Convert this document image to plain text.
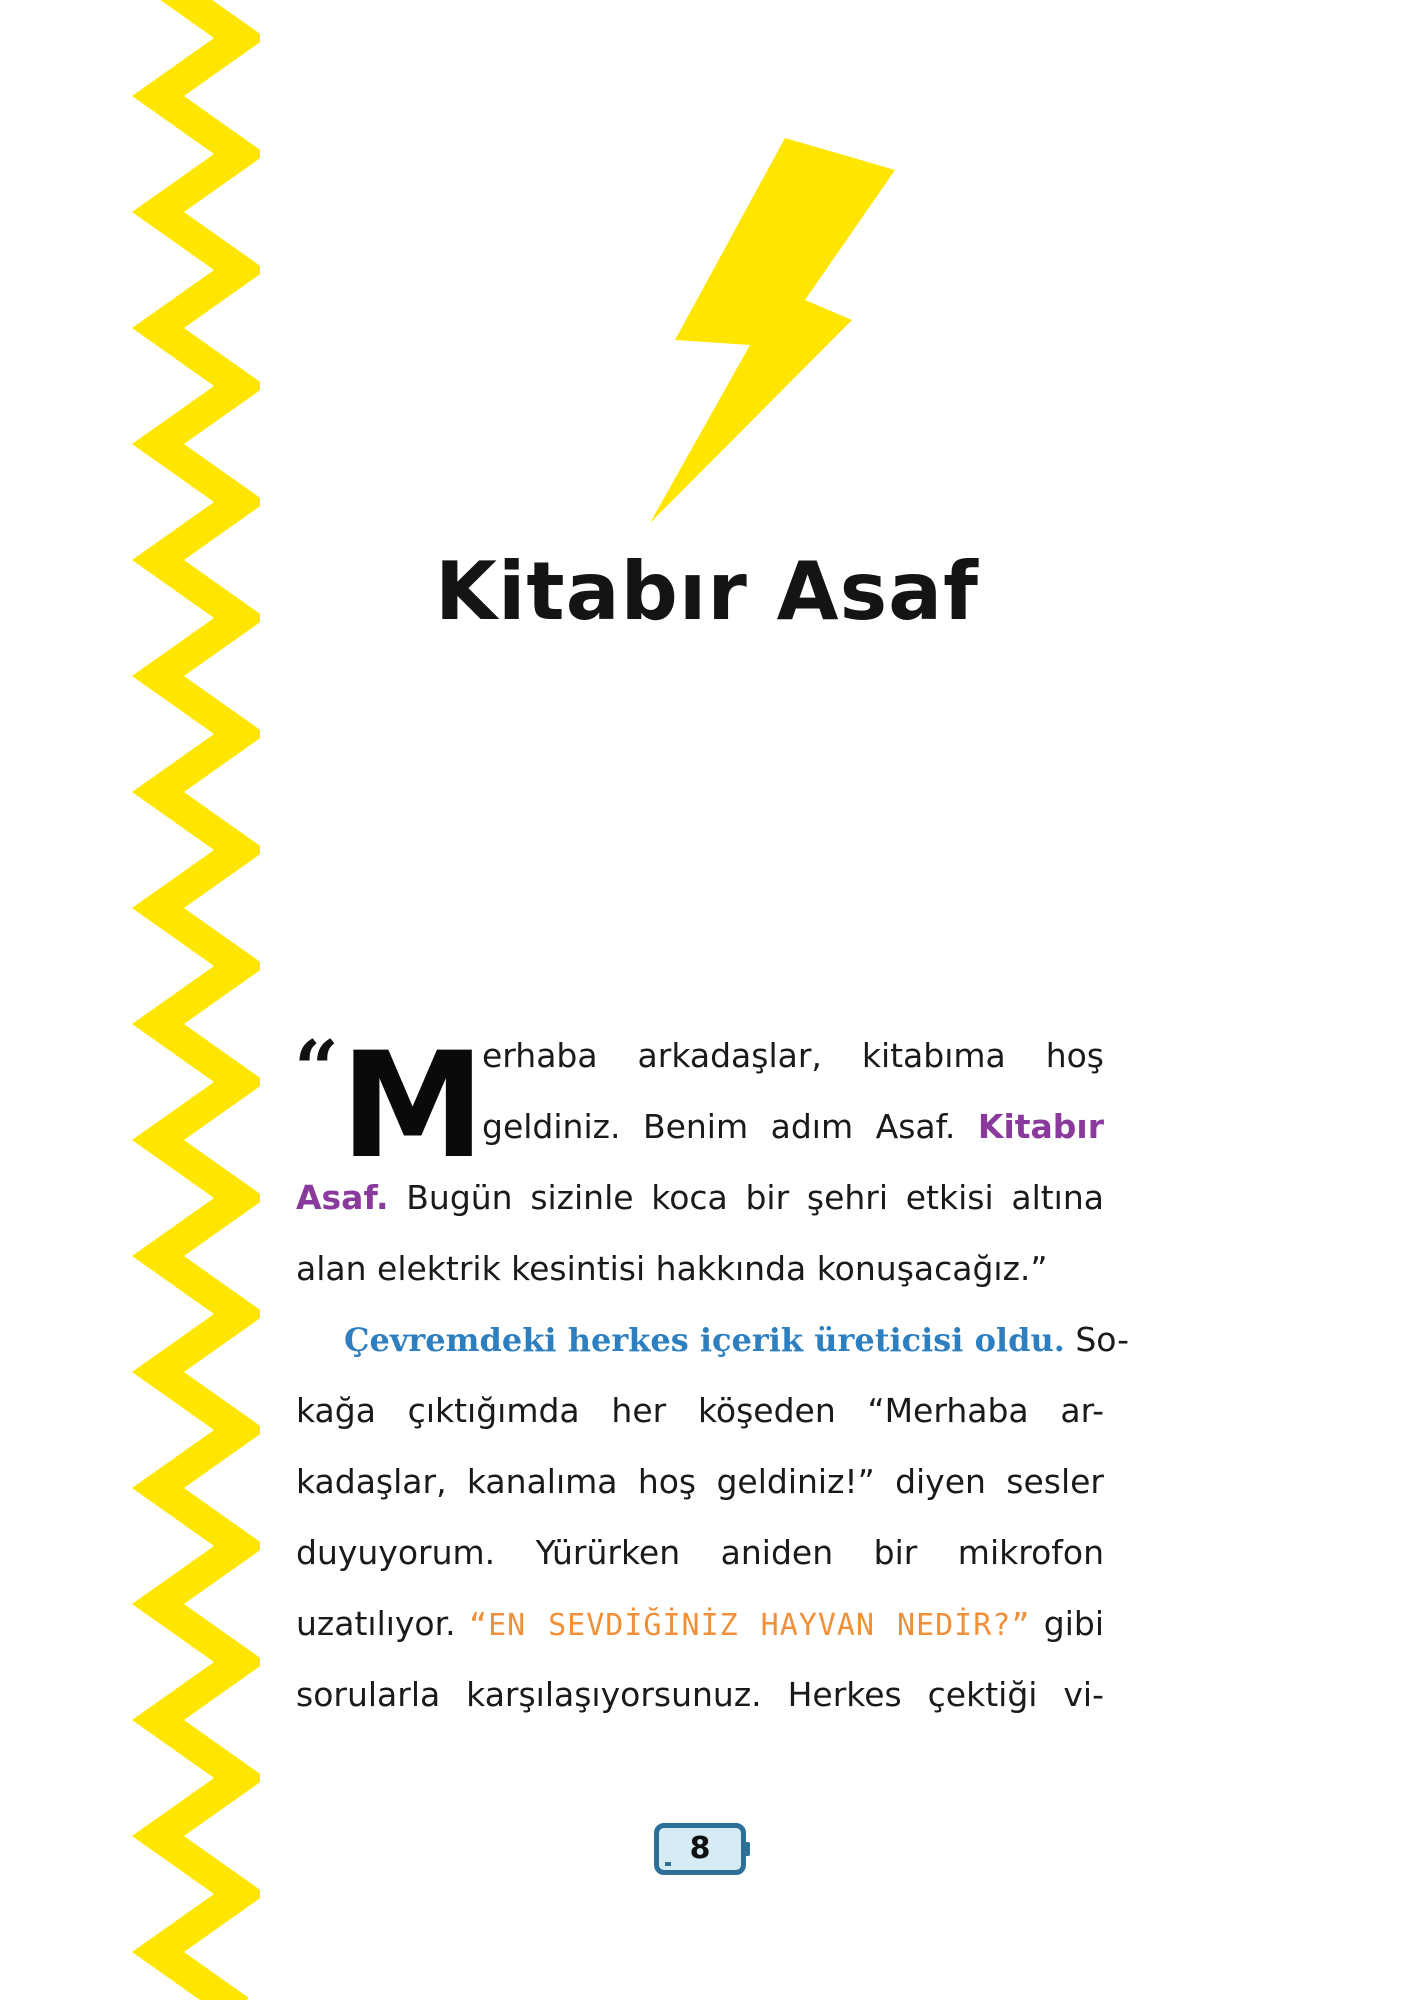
Kitabır Asaf
“ M
erhaba arkadaşlar, kitabıma hoş
geldiniz. Benim adım Asaf. Kitabır
Asaf. Bugün sizinle koca bir şehri etkisi altına
alan elektrik kesintisi hakkında konuşacağız.”
Çevremdeki herkes içerik üreticisi oldu. So-
kağa çıktığımda her köşeden “Merhaba ar-
kadaşlar, kanalıma hoş geldiniz!” diyen sesler
duyuyorum. Yürürken aniden bir mikrofon
uzatılıyor. “EN SEVDİĞİNİZ HAYVAN NEDİR?” gibi
sorularla karşılaşıyorsunuz. Herkes çektiği vi-
8
